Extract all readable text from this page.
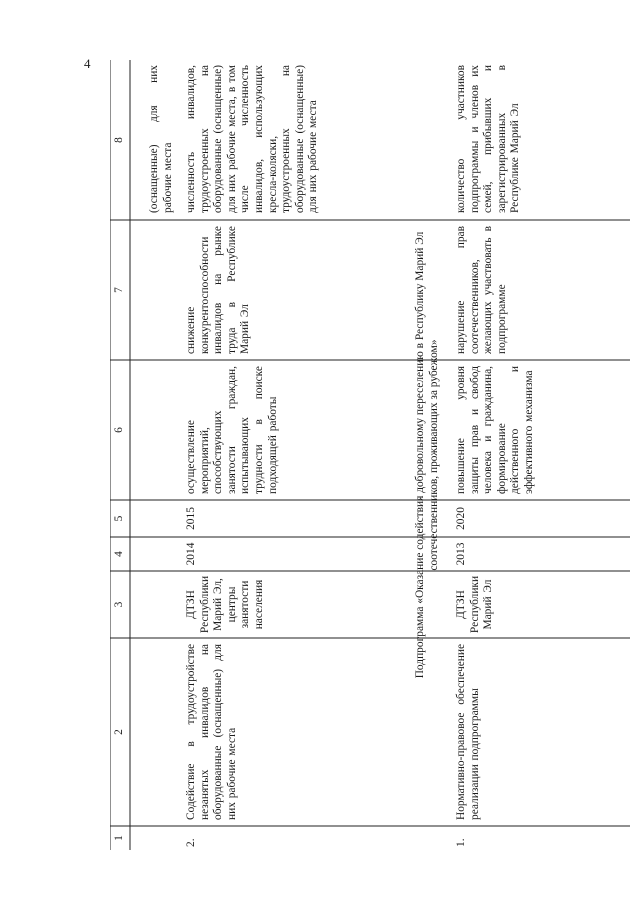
4
1
2
3
4
5
6
7
8 (оснащенные) для них рабочие места
2.
Содействие в трудоустройстве незанятых инвалидов на оборудованные (оснащенные) для них рабочие места
ДТЗН Республики Марий Эл, центры занятости населения
2014
2015
осуществление мероприятий, способствующих занятости граждан, испытывающих трудности в поиске подходящей работы
снижение конкурентоспособности инвалидов на рынке труда в Республике Марий Эл
численность инвалидов, трудоустроенных на оборудованные (оснащенные) для них рабочие места, в том числе численность инвалидов, использующих кресла-коляски, трудоустроенных на оборудованные (оснащенные) для них рабочие места
Подпрограмма «Оказание содействия добровольному переселению в Республику Марий Эл соотечественников, проживающих за рубежом»
1.
Нормативно-правовое обеспечение реализации подпрограммы
ДТЗН Республики Марий Эл
2013
2020
повышение уровня защиты прав и свобод человека и гражданина, формирование действенного и эффективного механизма
нарушение прав соотечественников, желающих участвовать в подпрограмме
количество участников подпрограммы и членов их семей, прибывших и зарегистрированных в Республике Марий Эл
